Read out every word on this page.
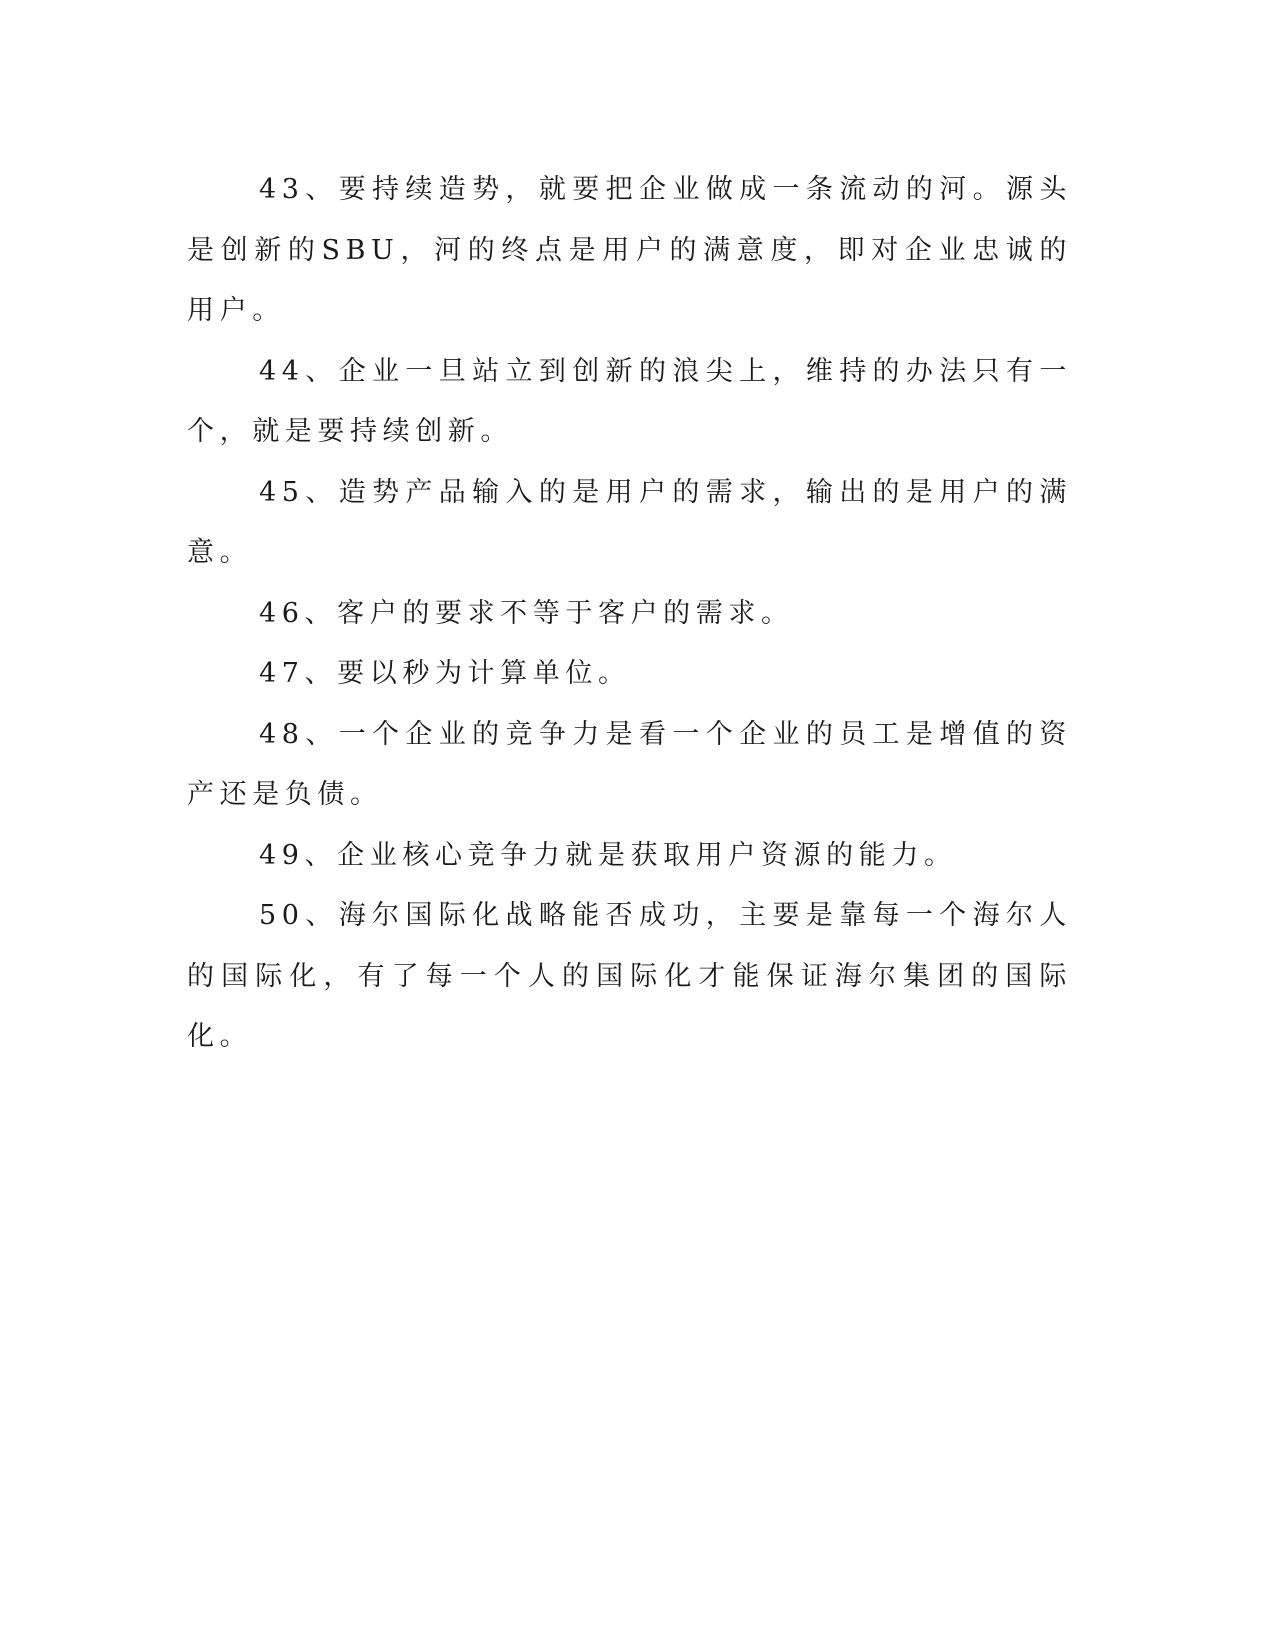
43、要持续造势，就要把企业做成一条流动的河。源头是创新的SBU，河的终点是用户的满意度，即对企业忠诚的用户。

44、企业一旦站立到创新的浪尖上，维持的办法只有一个，就是要持续创新。

45、造势产品输入的是用户的需求，输出的是用户的满意。

46、客户的要求不等于客户的需求。

47、要以秒为计算单位。

48、一个企业的竞争力是看一个企业的员工是增值的资产还是负债。

49、企业核心竞争力就是获取用户资源的能力。

50、海尔国际化战略能否成功，主要是靠每一个海尔人的国际化，有了每一个人的国际化才能保证海尔集团的国际化。
